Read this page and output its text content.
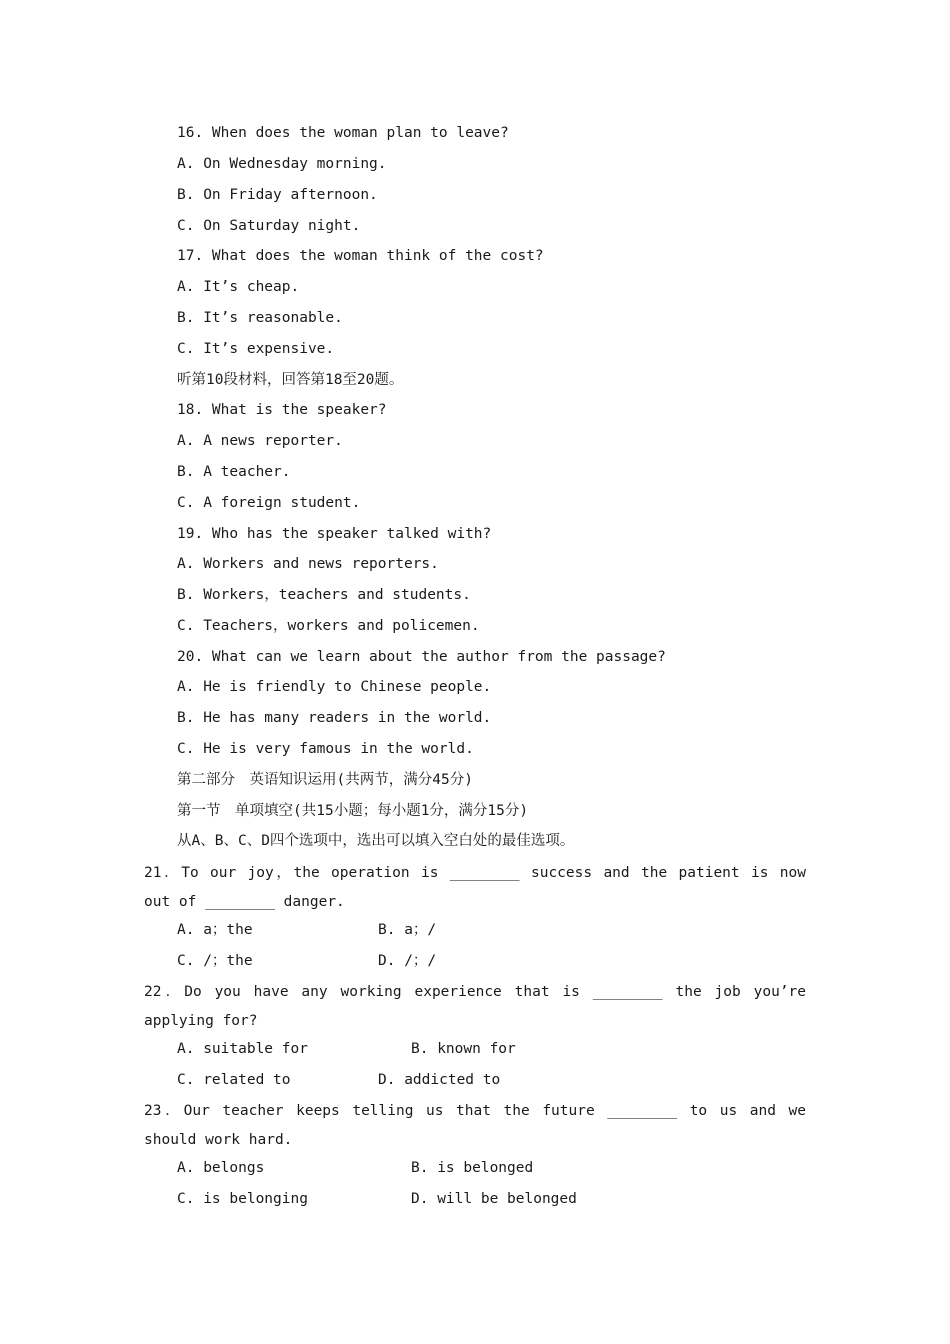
16. When does the woman plan to leave?
A. On Wednesday morning.
B. On Friday afternoon.
C. On Saturday night.
17. What does the woman think of the cost?
A. It’s cheap.
B. It’s reasonable.
C. It’s expensive.
听第10段材料，回答第18至20题。
18. What is the speaker?
A. A news reporter.
B. A teacher.
C. A foreign student.
19. Who has the speaker talked with?
A. Workers and news reporters.
B. Workers，teachers and students.
C. Teachers，workers and policemen.
20. What can we learn about the author from the passage?
A. He is friendly to Chinese people.
B. He has many readers in the world.
C. He is very famous in the world.
第二部分　英语知识运用(共两节，满分45分)
第一节　单项填空(共15小题；每小题1分，满分15分)
从A、B、C、D四个选项中，选出可以填入空白处的最佳选项。
21．To our joy，the operation is ________ success and the patient is now
out of ________ danger.
A. a；the	B. a；/
C. /；the	D. /；/
22．Do you have any working experience that is ________ the job you’re
applying for?
A. suitable for	B. known for
C. related to	D. addicted to
23．Our teacher keeps telling us that the future ________ to us and we
should work hard.
A. belongs	B. is belonged
C. is belonging	D. will be belonged
